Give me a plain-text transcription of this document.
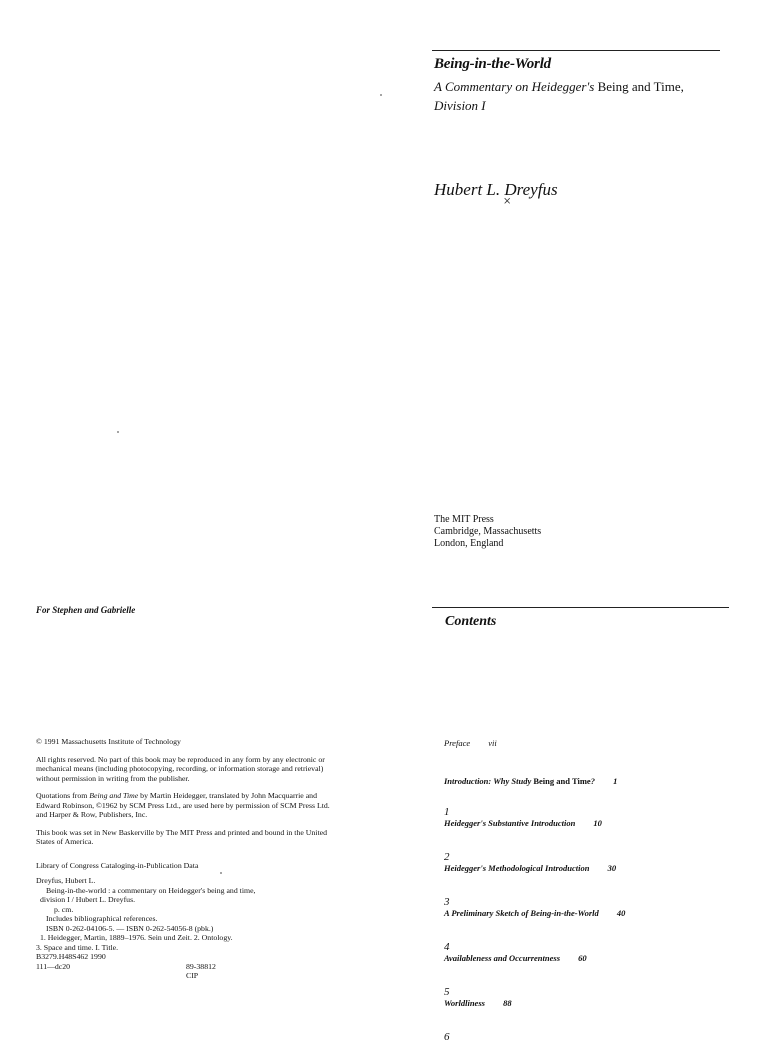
Being-in-the-World

A Commentary on Heidegger's Being and Time,
Division I

Hubert L. Dreyfus
×
The MIT Press
Cambridge, Massachusetts
London, England
For Stephen and Gabrielle

© 1991 Massachusetts Institute of Technology

All rights reserved. No part of this book may be reproduced in any form by any electronic or mechanical means (including photocopying, recording, or information storage and retrieval) without permission in writing from the publisher.

Quotations from Being and Time by Martin Heidegger, translated by John Macquarrie and Edward Robinson, ©1962 by SCM Press Ltd., are used here by permission of SCM Press Ltd. and Harper & Row, Publishers, Inc.

This book was set in New Baskerville by The MIT Press and printed and bound in the United States of America.

Library of Congress Cataloging-in-Publication Data
Dreyfus, Hubert L.
Being-in-the-world : a commentary on Heidegger's being and time,
division I / Hubert L. Dreyfus.
p. cm.
Includes bibliographical references.
ISBN 0-262-04106-5. — ISBN 0-262-54056-8 (pbk.)
1. Heidegger, Martin, 1889–1976. Sein und Zeit. 2. Ontology.
3. Space and time. I. Title.
B3279.H48S462 1990
111—dc20	89-38812
CIP
Contents
Preface vii
Introduction: Why Study Being and Time? 1
1
Heidegger's Substantive Introduction 10
2
Heidegger's Methodological Introduction 30
3
A Preliminary Sketch of Being-in-the-World 40
4
Availableness and Occurrentness 60
5
Worldliness 88
6
